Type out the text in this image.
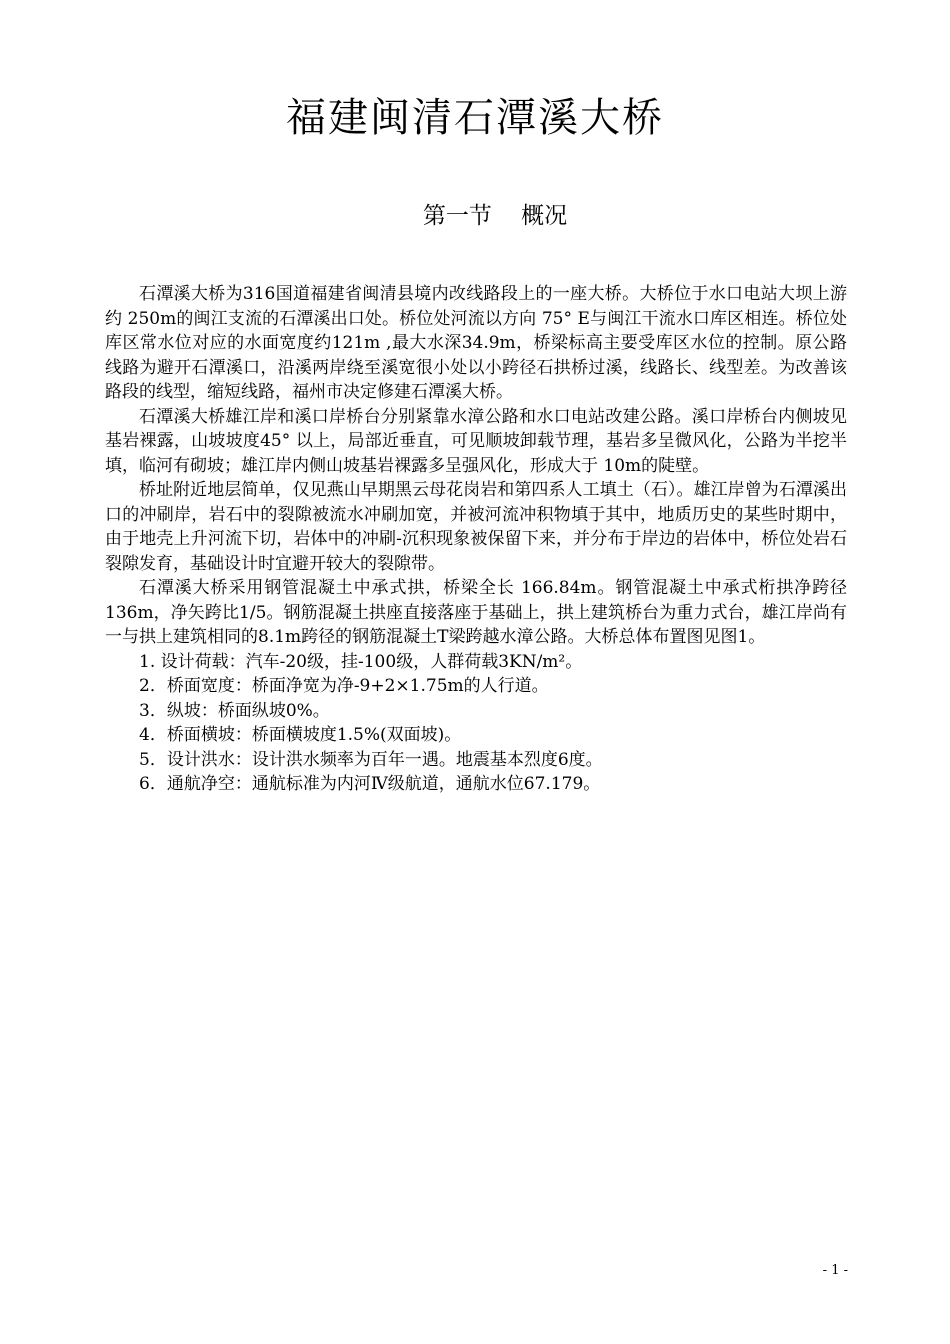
福建闽清石潭溪大桥
第一节    概况

石潭溪大桥为316国道福建省闽清县境内改线路段上的一座大桥。大桥位于水口电站大坝上游约 250m的闽江支流的石潭溪出口处。桥位处河流以方向 75° E与闽江干流水口库区相连。桥位处库区常水位对应的水面宽度约121m ,最大水深34.9m，桥梁标高主要受库区水位的控制。原公路线路为避开石潭溪口，沿溪两岸绕至溪宽很小处以小跨径石拱桥过溪，线路长、线型差。为改善该路段的线型，缩短线路，福州市决定修建石潭溪大桥。

石潭溪大桥雄江岸和溪口岸桥台分别紧靠水漳公路和水口电站改建公路。溪口岸桥台内侧坡见基岩裸露，山坡坡度45° 以上，局部近垂直，可见顺坡卸载节理，基岩多呈微风化，公路为半挖半填，临河有砌坡；雄江岸内侧山坡基岩裸露多呈强风化，形成大于 10m的陡壁。

桥址附近地层简单，仅见燕山早期黑云母花岗岩和第四系人工填土（石）。雄江岸曾为石潭溪出口的冲刷岸，岩石中的裂隙被流水冲刷加宽，并被河流冲积物填于其中，地质历史的某些时期中，由于地壳上升河流下切，岩体中的冲刷-沉积现象被保留下来，并分布于岸边的岩体中，桥位处岩石裂隙发育，基础设计时宜避开较大的裂隙带。

石潭溪大桥采用钢管混凝土中承式拱，桥梁全长 166.84m。钢管混凝土中承式桁拱净跨径136m，净矢跨比1/5。钢筋混凝土拱座直接落座于基础上，拱上建筑桥台为重力式台，雄江岸尚有一与拱上建筑相同的8.1m跨径的钢筋混凝土T梁跨越水漳公路。大桥总体布置图见图1。

1. 设计荷载：汽车-20级，挂-100级，人群荷载3KN/m²。

2．桥面宽度：桥面净宽为净-9+2×1.75m的人行道。

3．纵坡：桥面纵坡0%。

4．桥面横坡：桥面横坡度1.5%(双面坡)。

5．设计洪水：设计洪水频率为百年一遇。地震基本烈度6度。

6．通航净空：通航标准为内河Ⅳ级航道，通航水位67.179。

- 1 -
